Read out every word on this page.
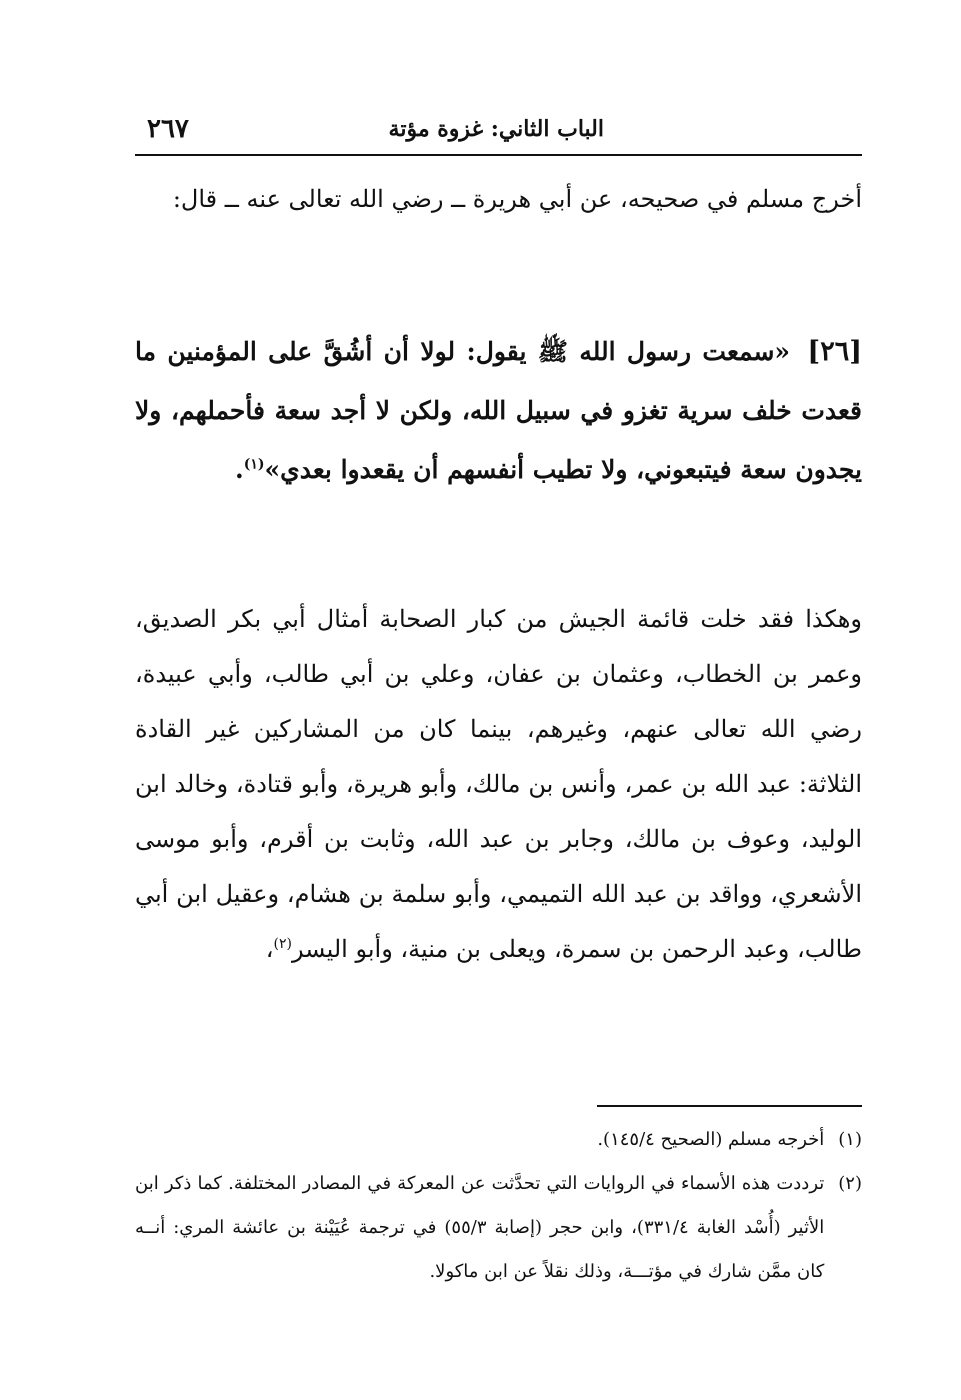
الباب الثاني: غزوة مؤتة
٢٦٧

أخرج مسلم في صحيحه، عن أبي هريرة ــ رضي الله تعالى عنه ــ قال:

[٢٦] «سمعت رسول الله ﷺ يقول: لولا أن أشُقَّ على المؤمنين ما قعدت خلف سرية تغزو في سبيل الله، ولكن لا أجد سعة فأحملهم، ولا يجدون سعة فيتبعوني، ولا تطيب أنفسهم أن يقعدوا بعدي»$^{(١)}$.

وهكذا فقد خلت قائمة الجيش من كبار الصحابة أمثال أبي بكر الصديق، وعمر بن الخطاب، وعثمان بن عفان، وعلي بن أبي طالب، وأبي عبيدة، رضي الله تعالى عنهم، وغيرهم، بينما كان من المشاركين غير القادة الثلاثة: عبد الله بن عمر، وأنس بن مالك، وأبو هريرة، وأبو قتادة، وخالد ابن الوليد، وعوف بن مالك، وجابر بن عبد الله، وثابت بن أقرم، وأبو موسى الأشعري، وواقد بن عبد الله التميمي، وأبو سلمة بن هشام، وعقيل ابن أبي طالب، وعبد الرحمن بن سمرة، ويعلى بن منية، وأبو اليسر$^{(٢)}$،

(١)
أخرجه مسلم (الصحيح ١٤٥/٤).
(٢)
ترددت هذه الأسماء في الروايات التي تحدَّثت عن المعركة في المصادر المختلفة. كما ذكر ابن الأثير (أُسْد الغابة ٣٣١/٤)، وابن حجر (إصابة ٥٥/٣) في ترجمة عُيَيْنة بن عائشة المري: أنــه كان ممَّن شارك في مؤتـــة، وذلك نقلاً عن ابن ماكولا.
